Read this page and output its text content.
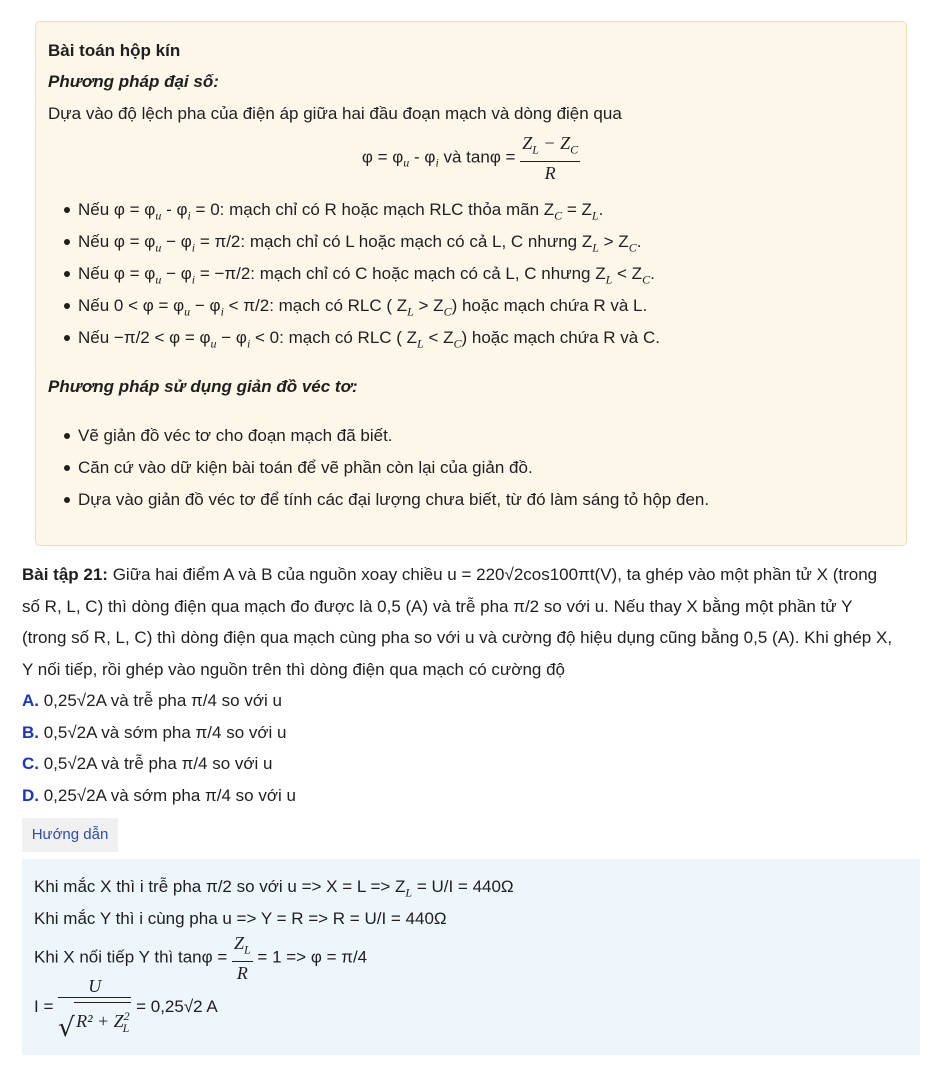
Bài toán hộp kín
Phương pháp đại số:
Dựa vào độ lệch pha của điện áp giữa hai đầu đoạn mạch và dòng điện qua
$\varphi = \varphi_u - \varphi_i$ và $\tan\varphi = \frac{Z_L - Z_C}{R}$
Nếu $\varphi = \varphi_u - \varphi_i = 0$: mạch chỉ có R hoặc mạch RLC thỏa mãn $Z_C = Z_L$.
Nếu $\varphi = \varphi_u - \varphi_i = \pi/2$: mạch chỉ có L hoặc mạch có cả L, C nhưng $Z_L > Z_C$.
Nếu $\varphi = \varphi_u - \varphi_i = -\pi/2$: mạch chỉ có C hoặc mạch có cả L, C nhưng $Z_L < Z_C$.
Nếu $0 < \varphi = \varphi_u - \varphi_i < \pi/2$: mạch có RLC ( $Z_L > Z_C$) hoặc mạch chứa R và L.
Nếu $-\pi/2 < \varphi = \varphi_u - \varphi_i < 0$: mạch có RLC ( $Z_L < Z_C$) hoặc mạch chứa R và C.
Phương pháp sử dụng giản đồ véc tơ:
Vẽ giản đồ véc tơ cho đoạn mạch đã biết.
Căn cứ vào dữ kiện bài toán để vẽ phần còn lại của giản đồ.
Dựa vào giản đồ véc tơ để tính các đại lượng chưa biết, từ đó làm sáng tỏ hộp đen.
Bài tập 21: Giữa hai điểm A và B của nguồn xoay chiều u = 220√2cos100πt(V), ta ghép vào một phần tử X (trong
số R, L, C) thì dòng điện qua mạch đo được là 0,5 (A) và trễ pha π/2 so với u. Nếu thay X bằng một phần tử Y
(trong số R, L, C) thì dòng điện qua mạch cùng pha so với u và cường độ hiệu dụng cũng bằng 0,5 (A). Khi ghép X,
Y nối tiếp, rồi ghép vào nguồn trên thì dòng điện qua mạch có cường độ
A. 0,25√2A và trễ pha π/4 so với u
B. 0,5√2A và sớm pha π/4 so với u
C. 0,5√2A và trễ pha π/4 so với u
D. 0,25√2A và sớm pha π/4 so với u
Hướng dẫn
Khi mắc X thì i trễ pha π/2 so với $u => X = L => Z_L = U/I = 440\Omega$
Khi mắc Y thì i cùng pha u => Y = R => R = U/I = 440Ω
Khi X nối tiếp Y thì $\tan\varphi = \frac{Z_L}{R} = 1 => \varphi = \pi/4$
$I = \frac{U}{√ R^2 + Z^2_L} = 0,25√2$ A
